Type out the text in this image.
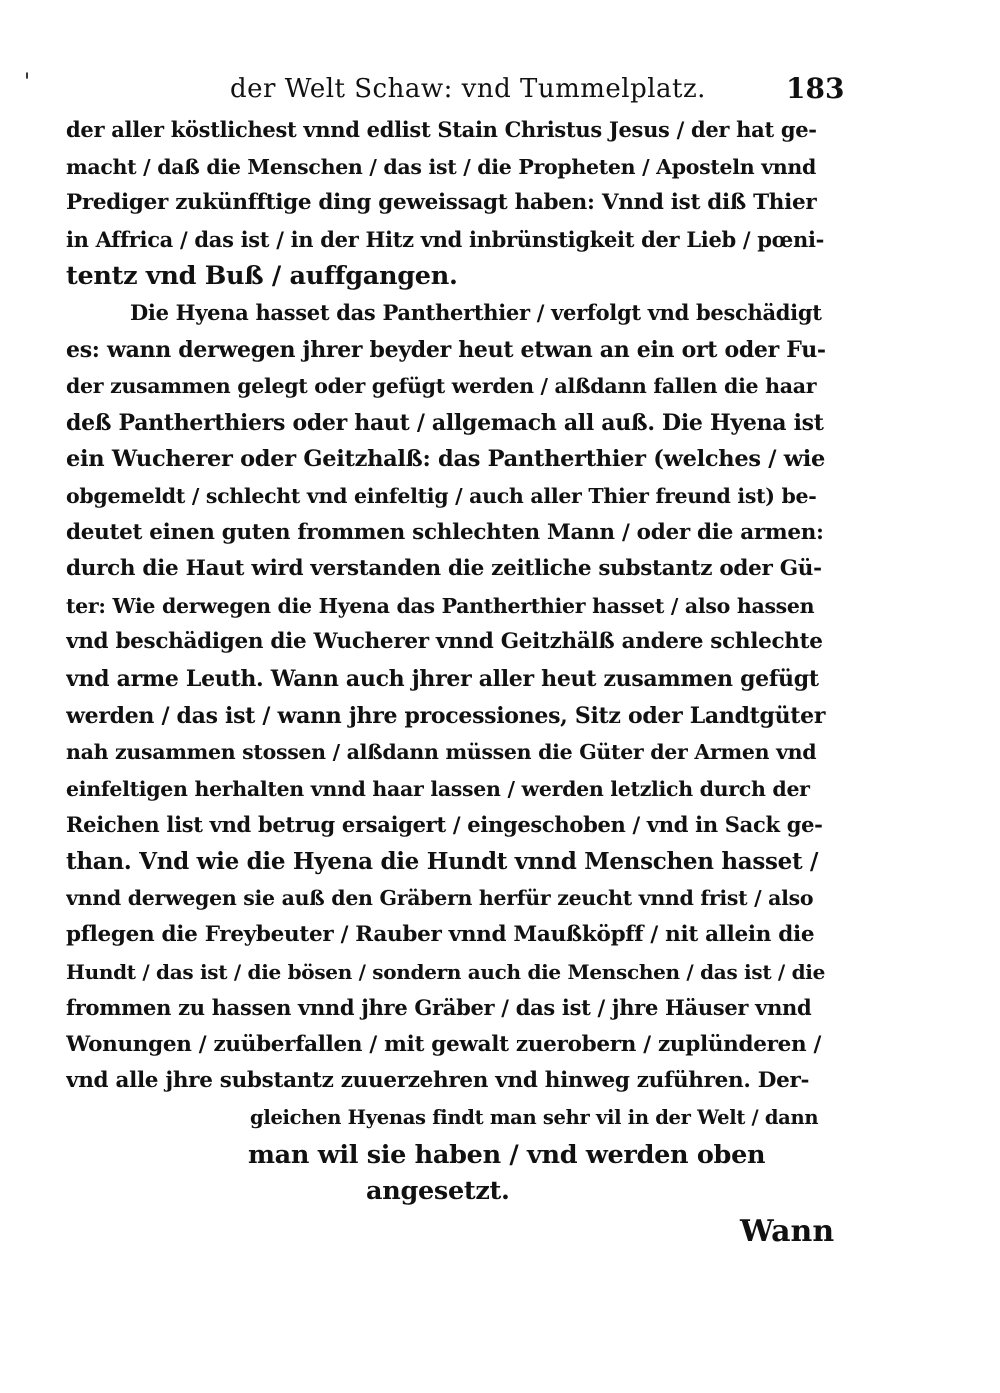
'	der Welt Schaw: vnd Tummelplatz.	183
der aller köstlichest vnnd edlist Stain Christus Jesus / der hat ge-
macht / daß die Menschen / das ist / die Propheten / Aposteln vnnd
Prediger zukünfftige ding geweissagt haben: Vnnd ist diß Thier
in Affrica / das ist / in der Hitz vnd inbrünstigkeit der Lieb / pœni-
tentz vnd Buß / auffgangen.
Die Hyena hasset das Pantherthier / verfolgt vnd beschädigt
es: wann derwegen jhrer beyder heut etwan an ein ort oder Fu-
der zusammen gelegt oder gefügt werden / alßdann fallen die haar
deß Pantherthiers oder haut / allgemach all auß. Die Hyena ist
ein Wucherer oder Geitzhalß: das Pantherthier (welches / wie
obgemeldt / schlecht vnd einfeltig / auch aller Thier freund ist) be-
deutet einen guten frommen schlechten Mann / oder die armen:
durch die Haut wird verstanden die zeitliche substantz oder Gü-
ter: Wie derwegen die Hyena das Pantherthier hasset / also hassen
vnd beschädigen die Wucherer vnnd Geitzhälß andere schlechte
vnd arme Leuth. Wann auch jhrer aller heut zusammen gefügt
werden / das ist / wann jhre processiones, Sitz oder Landtgüter
nah zusammen stossen / alßdann müssen die Güter der Armen vnd
einfeltigen herhalten vnnd haar lassen / werden letzlich durch der
Reichen list vnd betrug ersaigert / eingeschoben / vnd in Sack ge-
than. Vnd wie die Hyena die Hundt vnnd Menschen hasset /
vnnd derwegen sie auß den Gräbern herfür zeucht vnnd frist / also
pflegen die Freybeuter / Rauber vnnd Maußköpff / nit allein die
Hundt / das ist / die bösen / sondern auch die Menschen / das ist / die
frommen zu hassen vnnd jhre Gräber / das ist / jhre Häuser vnnd
Wonungen / zuüberfallen / mit gewalt zuerobern / zuplünderen /
vnd alle jhre substantz zuuerzehren vnd hinweg zuführen. Der-
gleichen Hyenas findt man sehr vil in der Welt / dann
man wil sie haben / vnd werden oben
angesetzt.
Wann
